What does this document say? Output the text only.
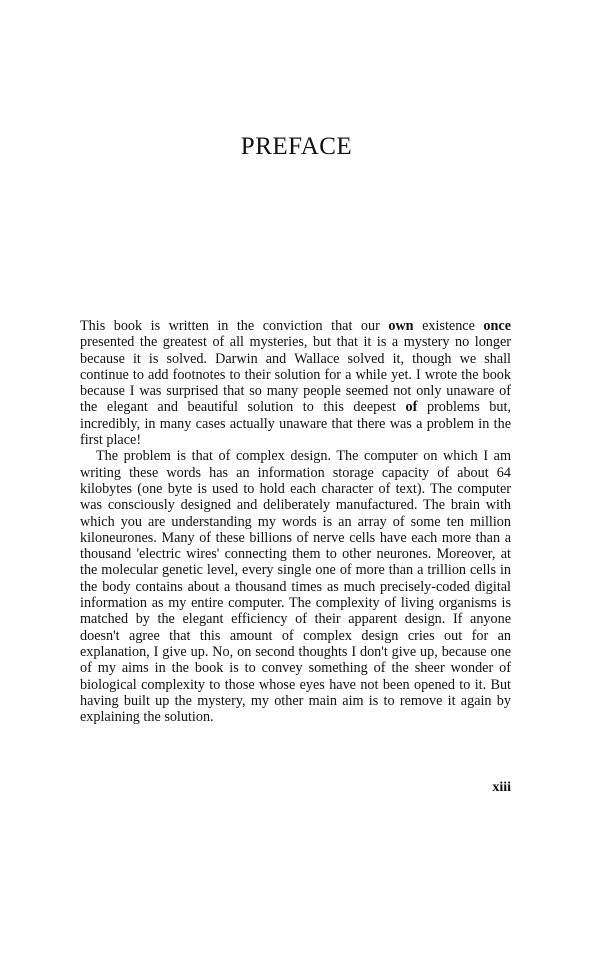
PREFACE

This book is written in the conviction that our own existence once presented the greatest of all mysteries, but that it is a mystery no longer because it is solved. Darwin and Wallace solved it, though we shall continue to add footnotes to their solution for a while yet. I wrote the book because I was surprised that so many people seemed not only unaware of the elegant and beautiful solution to this deepest of problems but, incredibly, in many cases actually unaware that there was a problem in the first place!

The problem is that of complex design. The computer on which I am writing these words has an information storage capacity of about 64 kilobytes (one byte is used to hold each character of text). The computer was consciously designed and deliberately manufactured. The brain with which you are understanding my words is an array of some ten million kiloneurones. Many of these billions of nerve cells have each more than a thousand 'electric wires' connecting them to other neurones. Moreover, at the molecular genetic level, every single one of more than a trillion cells in the body contains about a thousand times as much precisely-coded digital information as my entire computer. The complexity of living organisms is matched by the elegant efficiency of their apparent design. If anyone doesn't agree that this amount of complex design cries out for an explanation, I give up. No, on second thoughts I don't give up, because one of my aims in the book is to convey something of the sheer wonder of biological complexity to those whose eyes have not been opened to it. But having built up the mystery, my other main aim is to remove it again by explaining the solution.

xiii
